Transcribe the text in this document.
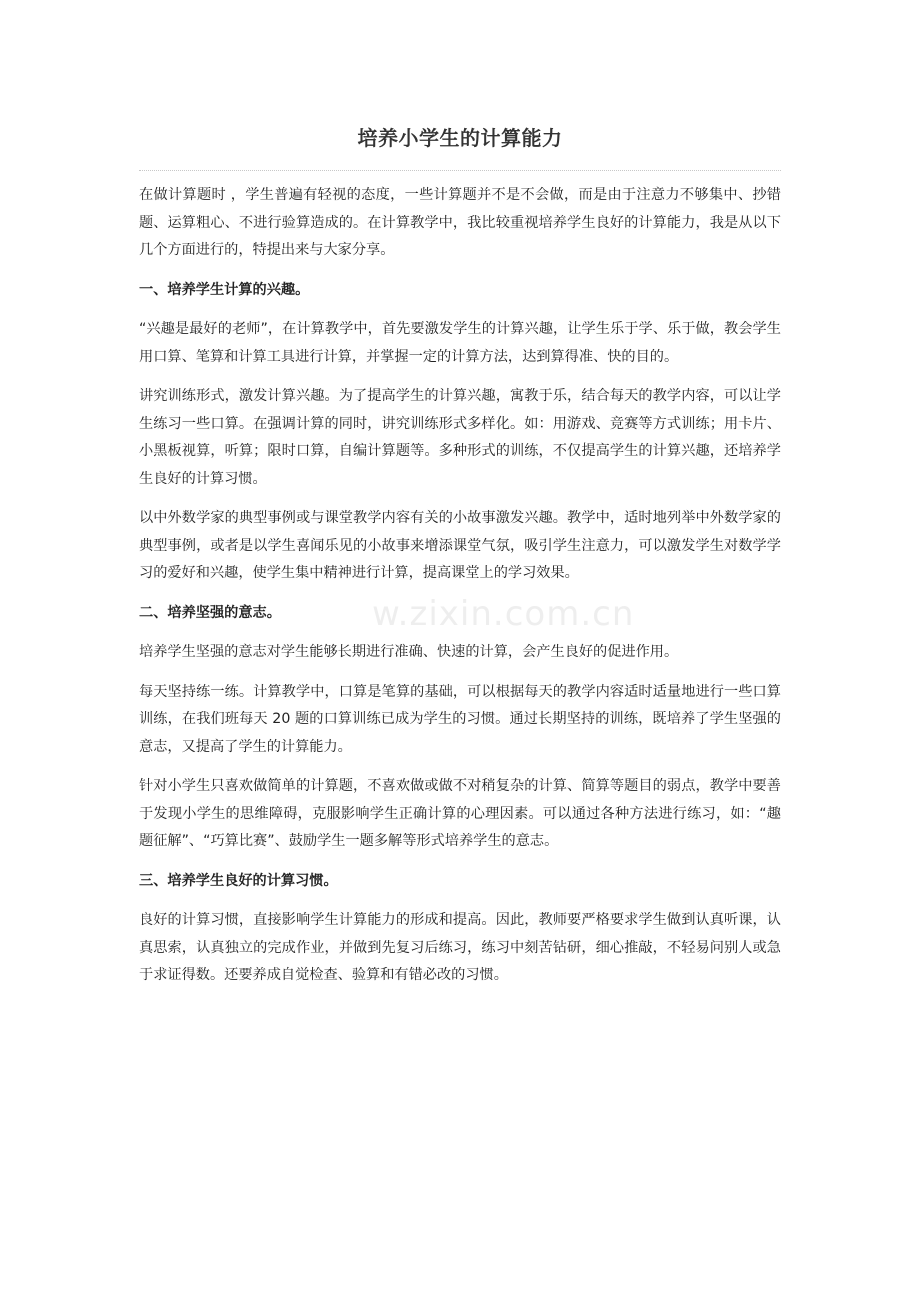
培养小学生的计算能力

在做计算题时 ，学生普遍有轻视的态度，一些计算题并不是不会做，而是由于注意力不够集中、抄错题、运算粗心、不进行验算造成的。在计算教学中，我比较重视培养学生良好的计算能力，我是从以下几个方面进行的，特提出来与大家分享。

一、培养学生计算的兴趣。

“兴趣是最好的老师”，在计算教学中，首先要激发学生的计算兴趣，让学生乐于学、乐于做，教会学生用口算、笔算和计算工具进行计算，并掌握一定的计算方法，达到算得准、快的目的。

讲究训练形式，激发计算兴趣。为了提高学生的计算兴趣，寓教于乐，结合每天的教学内容，可以让学生练习一些口算。在强调计算的同时，讲究训练形式多样化。如：用游戏、竞赛等方式训练；用卡片、小黑板视算，听算；限时口算，自编计算题等。多种形式的训练，不仅提高学生的计算兴趣，还培养学生良好的计算习惯。

以中外数学家的典型事例或与课堂教学内容有关的小故事激发兴趣。教学中，适时地列举中外数学家的典型事例，或者是以学生喜闻乐见的小故事来增添课堂气氛，吸引学生注意力，可以激发学生对数学学习的爱好和兴趣，使学生集中精神进行计算，提高课堂上的学习效果。

二、培养坚强的意志。

培养学生坚强的意志对学生能够长期进行准确、快速的计算，会产生良好的促进作用。

每天坚持练一练。计算教学中，口算是笔算的基础，可以根据每天的教学内容适时适量地进行一些口算训练，在我们班每天 20 题的口算训练已成为学生的习惯。通过长期坚持的训练，既培养了学生坚强的意志，又提高了学生的计算能力。

针对小学生只喜欢做简单的计算题，不喜欢做或做不对稍复杂的计算、简算等题目的弱点，教学中要善于发现小学生的思维障碍，克服影响学生正确计算的心理因素。可以通过各种方法进行练习，如：“趣题征解”、“巧算比赛”、鼓励学生一题多解等形式培养学生的意志。

三、培养学生良好的计算习惯。

良好的计算习惯，直接影响学生计算能力的形成和提高。因此，教师要严格要求学生做到认真听课，认真思索，认真独立的完成作业，并做到先复习后练习，练习中刻苦钻研，细心推敲，不轻易问别人或急于求证得数。还要养成自觉检查、验算和有错必改的习惯。

w.zixin.com.cn
